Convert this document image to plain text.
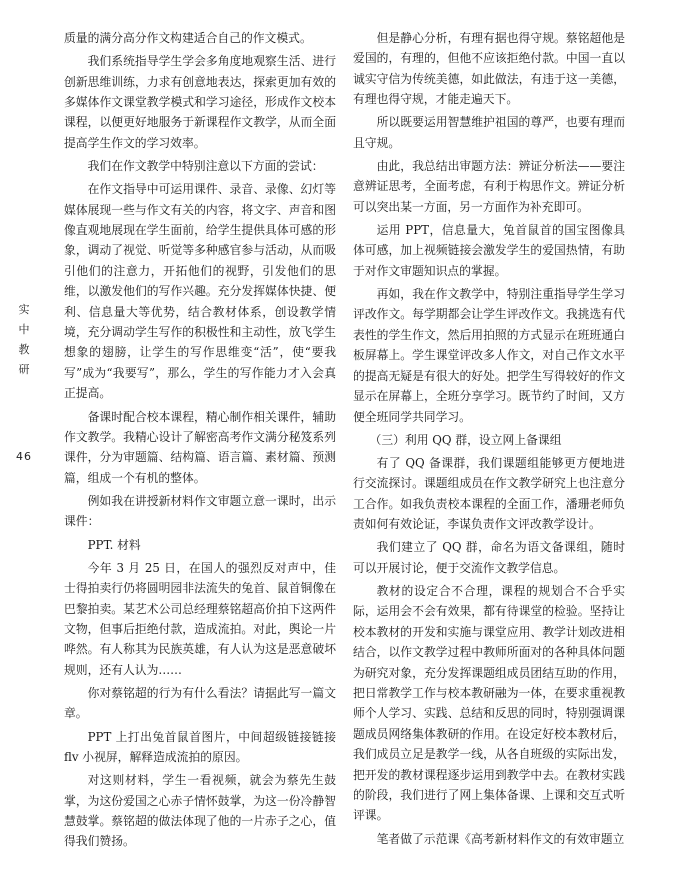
实
中
教
研
46

质量的满分高分作文构建适合自己的作文模式。

我们系统指导学生学会多角度地观察生活、进行创新思维训练，力求有创意地表达，探索更加有效的多媒体作文课堂教学模式和学习途径，形成作文校本课程，以便更好地服务于新课程作文教学，从而全面提高学生作文的学习效率。

我们在作文教学中特别注意以下方面的尝试：

在作文指导中可运用课件、录音、录像、幻灯等媒体展现一些与作文有关的内容，将文字、声音和图像直观地展现在学生面前，给学生提供具体可感的形象，调动了视觉、听觉等多种感官参与活动，从而吸引他们的注意力，开拓他们的视野，引发他们的思维，以激发他们的写作兴趣。充分发挥媒体快捷、便利、信息量大等优势，结合教材体系，创设教学情境，充分调动学生写作的积极性和主动性，放飞学生想象的翅膀，让学生的写作思维变“活”，使“要我写”成为“我要写”，那么，学生的写作能力才入会真正提高。

备课时配合校本课程，精心制作相关课件，辅助作文教学。我精心设计了解密高考作文满分秘笈系列课件，分为审题篇、结构篇、语言篇、素材篇、预测篇，组成一个有机的整体。

例如我在讲授新材料作文审题立意一课时，出示课件：

PPT. 材料

今年 3 月 25 日，在国人的强烈反对声中，佳士得拍卖行仍将圆明园非法流失的兔首、鼠首铜像在巴黎拍卖。某艺术公司总经理蔡铭超高价拍下这两件文物，但事后拒绝付款，造成流拍。对此，舆论一片哗然。有人称其为民族英雄，有人认为这是恶意破坏规则，还有人认为……

你对蔡铭超的行为有什么看法？请据此写一篇文章。

PPT 上打出兔首鼠首图片，中间超级链接链接 flv 小视屏，解释造成流拍的原因。

对这则材料，学生一看视频，就会为蔡先生鼓掌，为这份爱国之心赤子情怀鼓掌，为这一份冷静智慧鼓掌。蔡铭超的做法体现了他的一片赤子之心，值得我们赞扬。

但是静心分析，有理有据也得守规。蔡铭超他是爱国的，有理的，但他不应该拒绝付款。中国一直以诚实守信为传统美德，如此做法，有违于这一美德，有理也得守规，才能走遍天下。

所以既要运用智慧维护祖国的尊严，也要有理而且守规。

由此，我总结出审题方法：辨证分析法——要注意辨证思考，全面考虑，有利于构思作文。辨证分析可以突出某一方面，另一方面作为补充即可。

运用 PPT，信息量大，兔首鼠首的国宝图像具体可感，加上视频链接会激发学生的爱国热情，有助于对作文审题知识点的掌握。

再如，我在作文教学中，特别注重指导学生学习评改作文。每学期都会让学生评改作文。我挑选有代表性的学生作文，然后用拍照的方式显示在班班通白板屏幕上。学生课堂评改多人作文，对自己作文水平的提高无疑是有很大的好处。把学生写得较好的作文显示在屏幕上，全班分享学习。既节约了时间，又方便全班同学共同学习。

（三）利用 QQ 群，设立网上备课组

有了 QQ 备课群，我们课题组能够更方便地进行交流探讨。课题组成员在作文教学研究上也注意分工合作。如我负责校本课程的全面工作，潘珊老师负责如何有效论证，李谋负责作文评改教学设计。

我们建立了 QQ 群，命名为语文备课组，随时可以开展讨论，便于交流作文教学信息。

教材的设定合不合理，课程的规划合不合乎实际，运用会不会有效果，都有待课堂的检验。坚持让校本教材的开发和实施与课堂应用、教学计划改进相结合，以作文教学过程中教师所面对的各种具体问题为研究对象，充分发挥课题组成员团结互助的作用，把日常教学工作与校本教研融为一体，在要求重视教师个人学习、实践、总结和反思的同时，特别强调课题成员网络集体教研的作用。在设定好校本教材后，我们成员立足是教学一线，从各自班级的实际出发，把开发的教材课程逐步运用到教学中去。在教材实践的阶段，我们进行了网上集体备课、上课和交互式听评课。

笔者做了示范课《高考新材料作文的有效审题立
